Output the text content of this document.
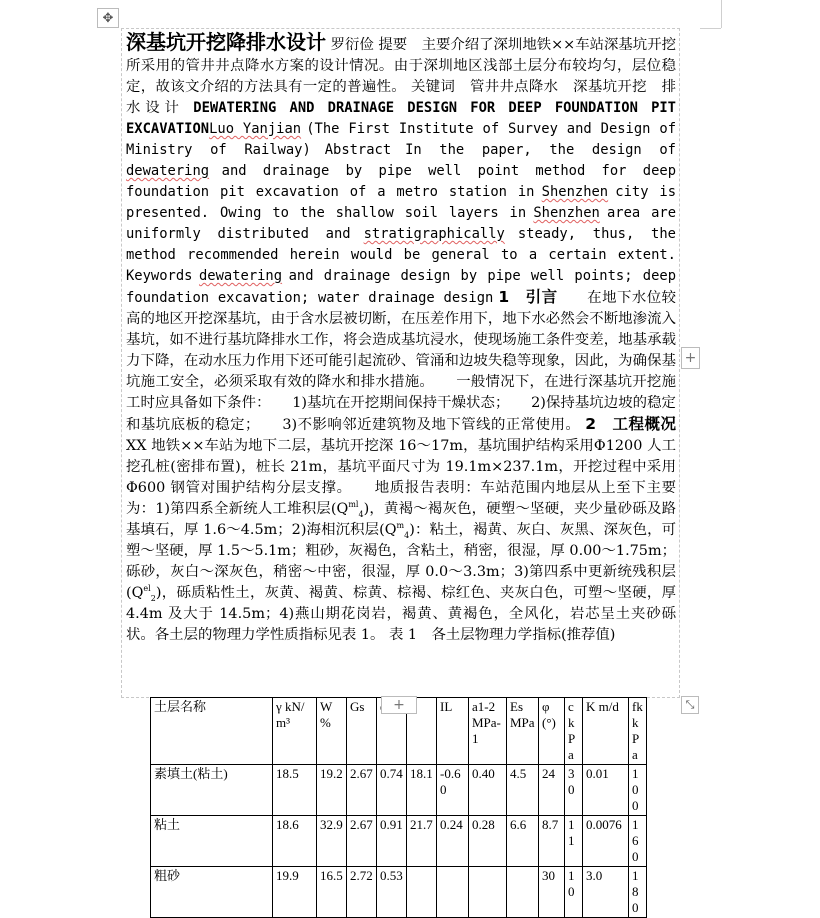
✥
+
⤡
深基坑开挖降排水设计 罗衍俭 提要　 主要介绍了深圳地铁××车站深基坑开挖所采用的管井井点降水方案的设计情况。由于深圳地区浅部土层分布较均匀，层位稳定，故该文介绍的方法具有一定的普遍性。 关键词　 管井井点降水　深基坑开挖　排水设计 DEWATERING AND DRAINAGE DESIGN FOR DEEP FOUNDATION PIT EXCAVATIONLuo Yanjian (The First Institute of Survey and Design of Ministry of Railway) Abstract In the paper, the design of dewatering and drainage by pipe well point method for deep foundation pit excavation of a metro station in Shenzhen city is presented. Owing to the shallow soil layers in Shenzhen area are uniformly distributed and stratigraphically steady, thus, the method recommended herein would be general to a certain extent. Keywords dewatering and drainage design by pipe well points; deep foundation excavation; water drainage design 1　引言　　 在地下水位较高的地区开挖深基坑，由于含水层被切断，在压差作用下，地下水必然会不断地渗流入基坑，如不进行基坑降排水工作，将会造成基坑浸水，使现场施工条件变差，地基承载力下降，在动水压力作用下还可能引起流砂、管涌和边坡失稳等现象，因此，为确保基坑施工安全，必须采取有效的降水和排水措施。　　 一般情况下，在进行深基坑开挖施工时应具备如下条件：　　 1)基坑在开挖期间保持干燥状态；　　 2)保持基坑边坡的稳定和基坑底板的稳定；　　 3)不影响邻近建筑物及地下管线的正常使用。 2　工程概况　　XX 地铁××车站为地下二层，基坑开挖深 16～17m，基坑围护结构采用Φ1200 人工挖孔桩(密排布置)，桩长 21m，基坑平面尺寸为 19.1m×237.1m，开挖过程中采用Φ600 钢管对围护结构分层支撑。　　 地质报告表明：车站范围内地层从上至下主要为：1)第四系全新统人工堆积层$(Q^{ml}_4)$，黄褐～褐灰色，硬塑～坚硬，夹少量砂砾及路基填石，厚 1.6～4.5m；2)海相沉积层$(Q^m_4)$：粘土，褐黄、灰白、灰黑、深灰色，可塑～坚硬，厚 1.5～5.1m；粗砂，灰褐色，含粘土，稍密，很湿，厚 0.00～1.75m；砾砂，灰白～深灰色，稍密～中密，很湿，厚 0.0～3.3m；3)第四系中更新统残积层$(Q^{el}_2)$，砾质粘性土，灰黄、褐黄、棕黄、棕褐、棕红色、夹灰白色，可塑～坚硬，厚 4.4m 及大于 14.5m；4)燕山期花岗岩，褐黄、黄褐色，全风化，岩芯呈土夹砂砾状。各土层的物理力学性质指标见表 1。 表 1　各土层物理力学指标(推荐值)
土层名称	γ kN/m³	W %	Gs			IL	a1-2 MPa-1	Es MPa	φ (°)	c kPa	K m/d	fk kPa
素填土(粘土)	18.5	19.2	2.67	0.74	18.1	-0.60	0.40	4.5	24	30	0.01	100
粘土	18.6	32.9	2.67	0.91	21.7	0.24	0.28	6.6	8.7	11	0.0076	160
粗砂	19.9	16.5	2.72	0.53					30	10	3.0	180
+
